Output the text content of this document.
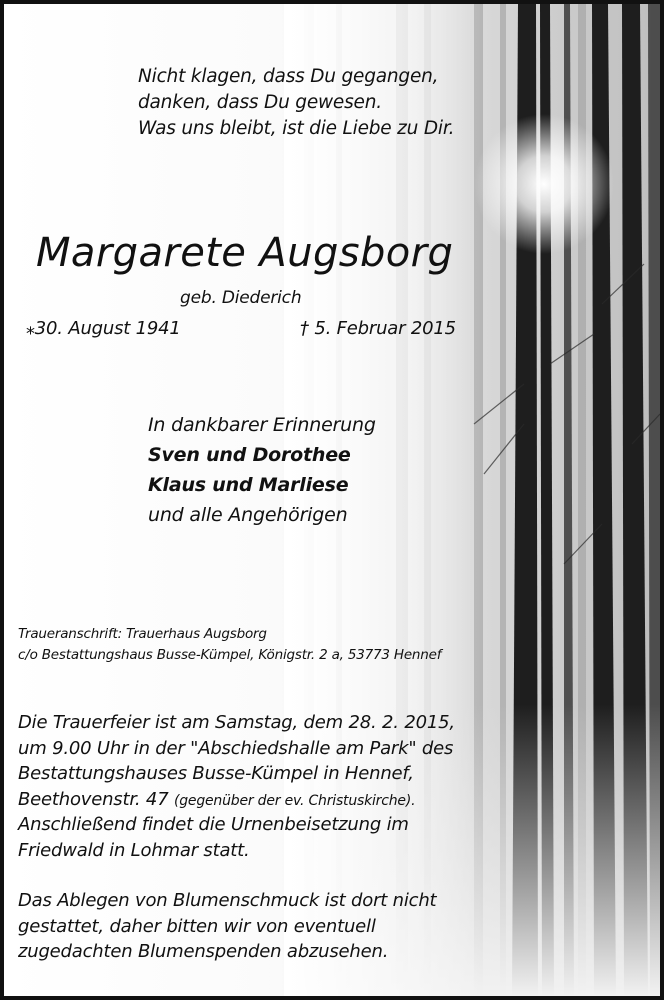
Nicht klagen, dass Du gegangen,
danken, dass Du gewesen.
Was uns bleibt, ist die Liebe zu Dir.
Margarete Augsborg
geb. Diederich
⁎30. August 1941	† 5. Februar 2015
In dankbarer Erinnerung
Sven und Dorothee
Klaus und Marliese
und alle Angehörigen
Traueranschrift: Trauerhaus Augsborg
c/o Bestattungshaus Busse-Kümpel, Königstr. 2 a, 53773 Hennef
Die Trauerfeier ist am Samstag, dem 28. 2. 2015,
um 9.00 Uhr in der "Abschiedshalle am Park" des
Bestattungshauses Busse-Kümpel in Hennef,
Beethovenstr. 47 (gegenüber der ev. Christuskirche).
Anschließend findet die Urnenbeisetzung im
Friedwald in Lohmar statt.
Das Ablegen von Blumenschmuck ist dort nicht
gestattet, daher bitten wir von eventuell
zugedachten Blumenspenden abzusehen.
